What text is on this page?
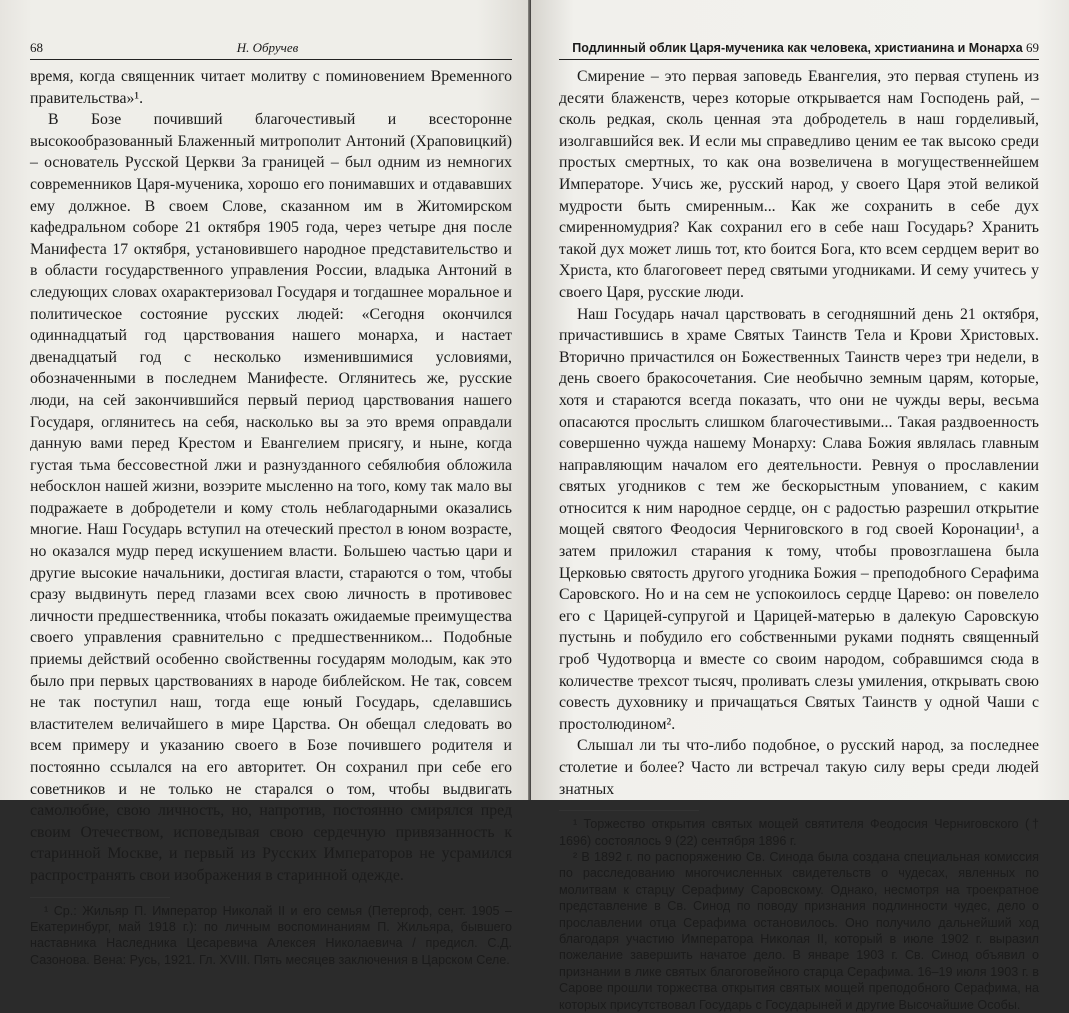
68	Н. Обручев

время, когда священник читает молитву с поминовением Временного правительства»¹.

В Бозе почивший благочестивый и всесторонне высокообразованный Блаженный митрополит Антоний (Храповицкий) – основатель Русской Церкви За границей – был одним из немногих современников Царя-мученика, хорошо его понимавших и отдававших ему должное. В своем Слове, сказанном им в Житомирском кафедральном соборе 21 октября 1905 года, через четыре дня после Манифеста 17 октября, установившего народное представительство и в области государственного управления России, владыка Антоний в следующих словах охарактеризовал Государя и тогдашнее моральное и политическое состояние русских людей: «Сегодня окончился одиннадцатый год царствования нашего монарха, и настает двенадцатый год с несколько изменившимися условиями, обозначенными в последнем Манифесте. Оглянитесь же, русские люди, на сей закончившийся первый период царствования нашего Государя, оглянитесь на себя, насколько вы за это время оправдали данную вами перед Крестом и Евангелием присягу, и ныне, когда густая тьма бессовестной лжи и разнузданного себялюбия обложила небосклон нашей жизни, возэрите мысленно на того, кому так мало вы подражаете в добродетели и кому столь неблагодарными оказались многие. Наш Государь вступил на отеческий престол в юном возрасте, но оказался мудр перед искушением власти. Большею частью цари и другие высокие начальники, достигая власти, стараются о том, чтобы сразу выдвинуть перед глазами всех свою личность в противовес личности предшественника, чтобы показать ожидаемые преимущества своего управления сравнительно с предшественником... Подобные приемы действий особенно свойственны государям молодым, как это было при первых царствованиях в народе библейском. Не так, совсем не так поступил наш, тогда еще юный Государь, сделавшись властителем величайшего в мире Царства. Он обещал следовать во всем примеру и указанию своего в Бозе почившего родителя и постоянно ссылался на его авторитет. Он сохранил при себе его советников и не только не старался о том, чтобы выдвигать самолюбие, свою личность, но, напротив, постоянно смирялся пред своим Отечеством, исповедывая свою сердечную привязанность к старинной Москве, и первый из Русских Императоров не усрамился распространять свои изображения в старинной одежде.

¹ Ср.: Жильяр П. Император Николай II и его семья (Петергоф, сент. 1905 – Екатеринбург, май 1918 г.): по личным воспоминаниям П. Жильяра, бывшего наставника Наследника Цесаревича Алексея Николаевича / предисл. С.Д. Сазонова. Вена: Русь, 1921. Гл. XVIII. Пять месяцев заключения в Царском Селе.

Подлинный облик Царя-мученика как человека, христианина и Монарха 69

Смирение – это первая заповедь Евангелия, это первая ступень из десяти блаженств, через которые открывается нам Господень рай, – сколь редкая, сколь ценная эта добродетель в наш горделивый, изолгавшийся век. И если мы справедливо ценим ее так высоко среди простых смертных, то как она возвеличена в могущественнейшем Императоре. Учись же, русский народ, у своего Царя этой великой мудрости быть смиренным... Как же сохранить в себе дух смиренномудрия? Как сохранил его в себе наш Государь? Хранить такой дух может лишь тот, кто боится Бога, кто всем сердцем верит во Христа, кто благоговеет перед святыми угодниками. И сему учитесь у своего Царя, русские люди.

Наш Государь начал царствовать в сегодняшний день 21 октября, причастившись в храме Святых Таинств Тела и Крови Христовых. Вторично причастился он Божественных Таинств через три недели, в день своего бракосочетания. Сие необычно земным царям, которые, хотя и стараются всегда показать, что они не чужды веры, весьма опасаются прослыть слишком благочестивыми... Такая раздвоенность совершенно чужда нашему Монарху: Слава Божия являлась главным направляющим началом его деятельности. Ревнуя о прославлении святых угодников с тем же бескорыстным упованием, с каким относится к ним народное сердце, он с радостью разрешил открытие мощей святого Феодосия Черниговского в год своей Коронации¹, а затем приложил старания к тому, чтобы провозглашена была Церковью святость другого угодника Божия – преподобного Серафима Саровского. Но и на сем не успокоилось сердце Царево: он повелело его с Царицей-супругой и Царицей-матерью в далекую Саровскую пустынь и побудило его собственными руками поднять священный гроб Чудотворца и вместе со своим народом, собравшимся сюда в количестве трехсот тысяч, проливать слезы умиления, открывать свою совесть духовнику и причащаться Святых Таинств у одной Чаши с простолюдином².

Слышал ли ты что-либо подобное, о русский народ, за последнее столетие и более? Часто ли встречал такую силу веры среди людей знатных

¹ Торжество открытия святых мощей святителя Феодосия Черниговского († 1696) состоялось 9 (22) сентября 1896 г.

² В 1892 г. по распоряжению Св. Синода была создана специальная комиссия по расследованию многочисленных свидетельств о чудесах, явленных по молитвам к старцу Серафиму Саровскому. Однако, несмотря на троекратное представление в Св. Синод по поводу признания подлинности чудес, дело о прославлении отца Серафима остановилось. Оно получило дальнейший ход благодаря участию Императора Николая II, который в июле 1902 г. выразил пожелание завершить начатое дело. В январе 1903 г. Св. Синод объявил о признании в лике святых благоговейного старца Серафима. 16–19 июля 1903 г. в Сарове прошли торжества открытия святых мощей преподобного Серафима, на которых присутствовал Государь с Государыней и другие Высочайшие Особы.
